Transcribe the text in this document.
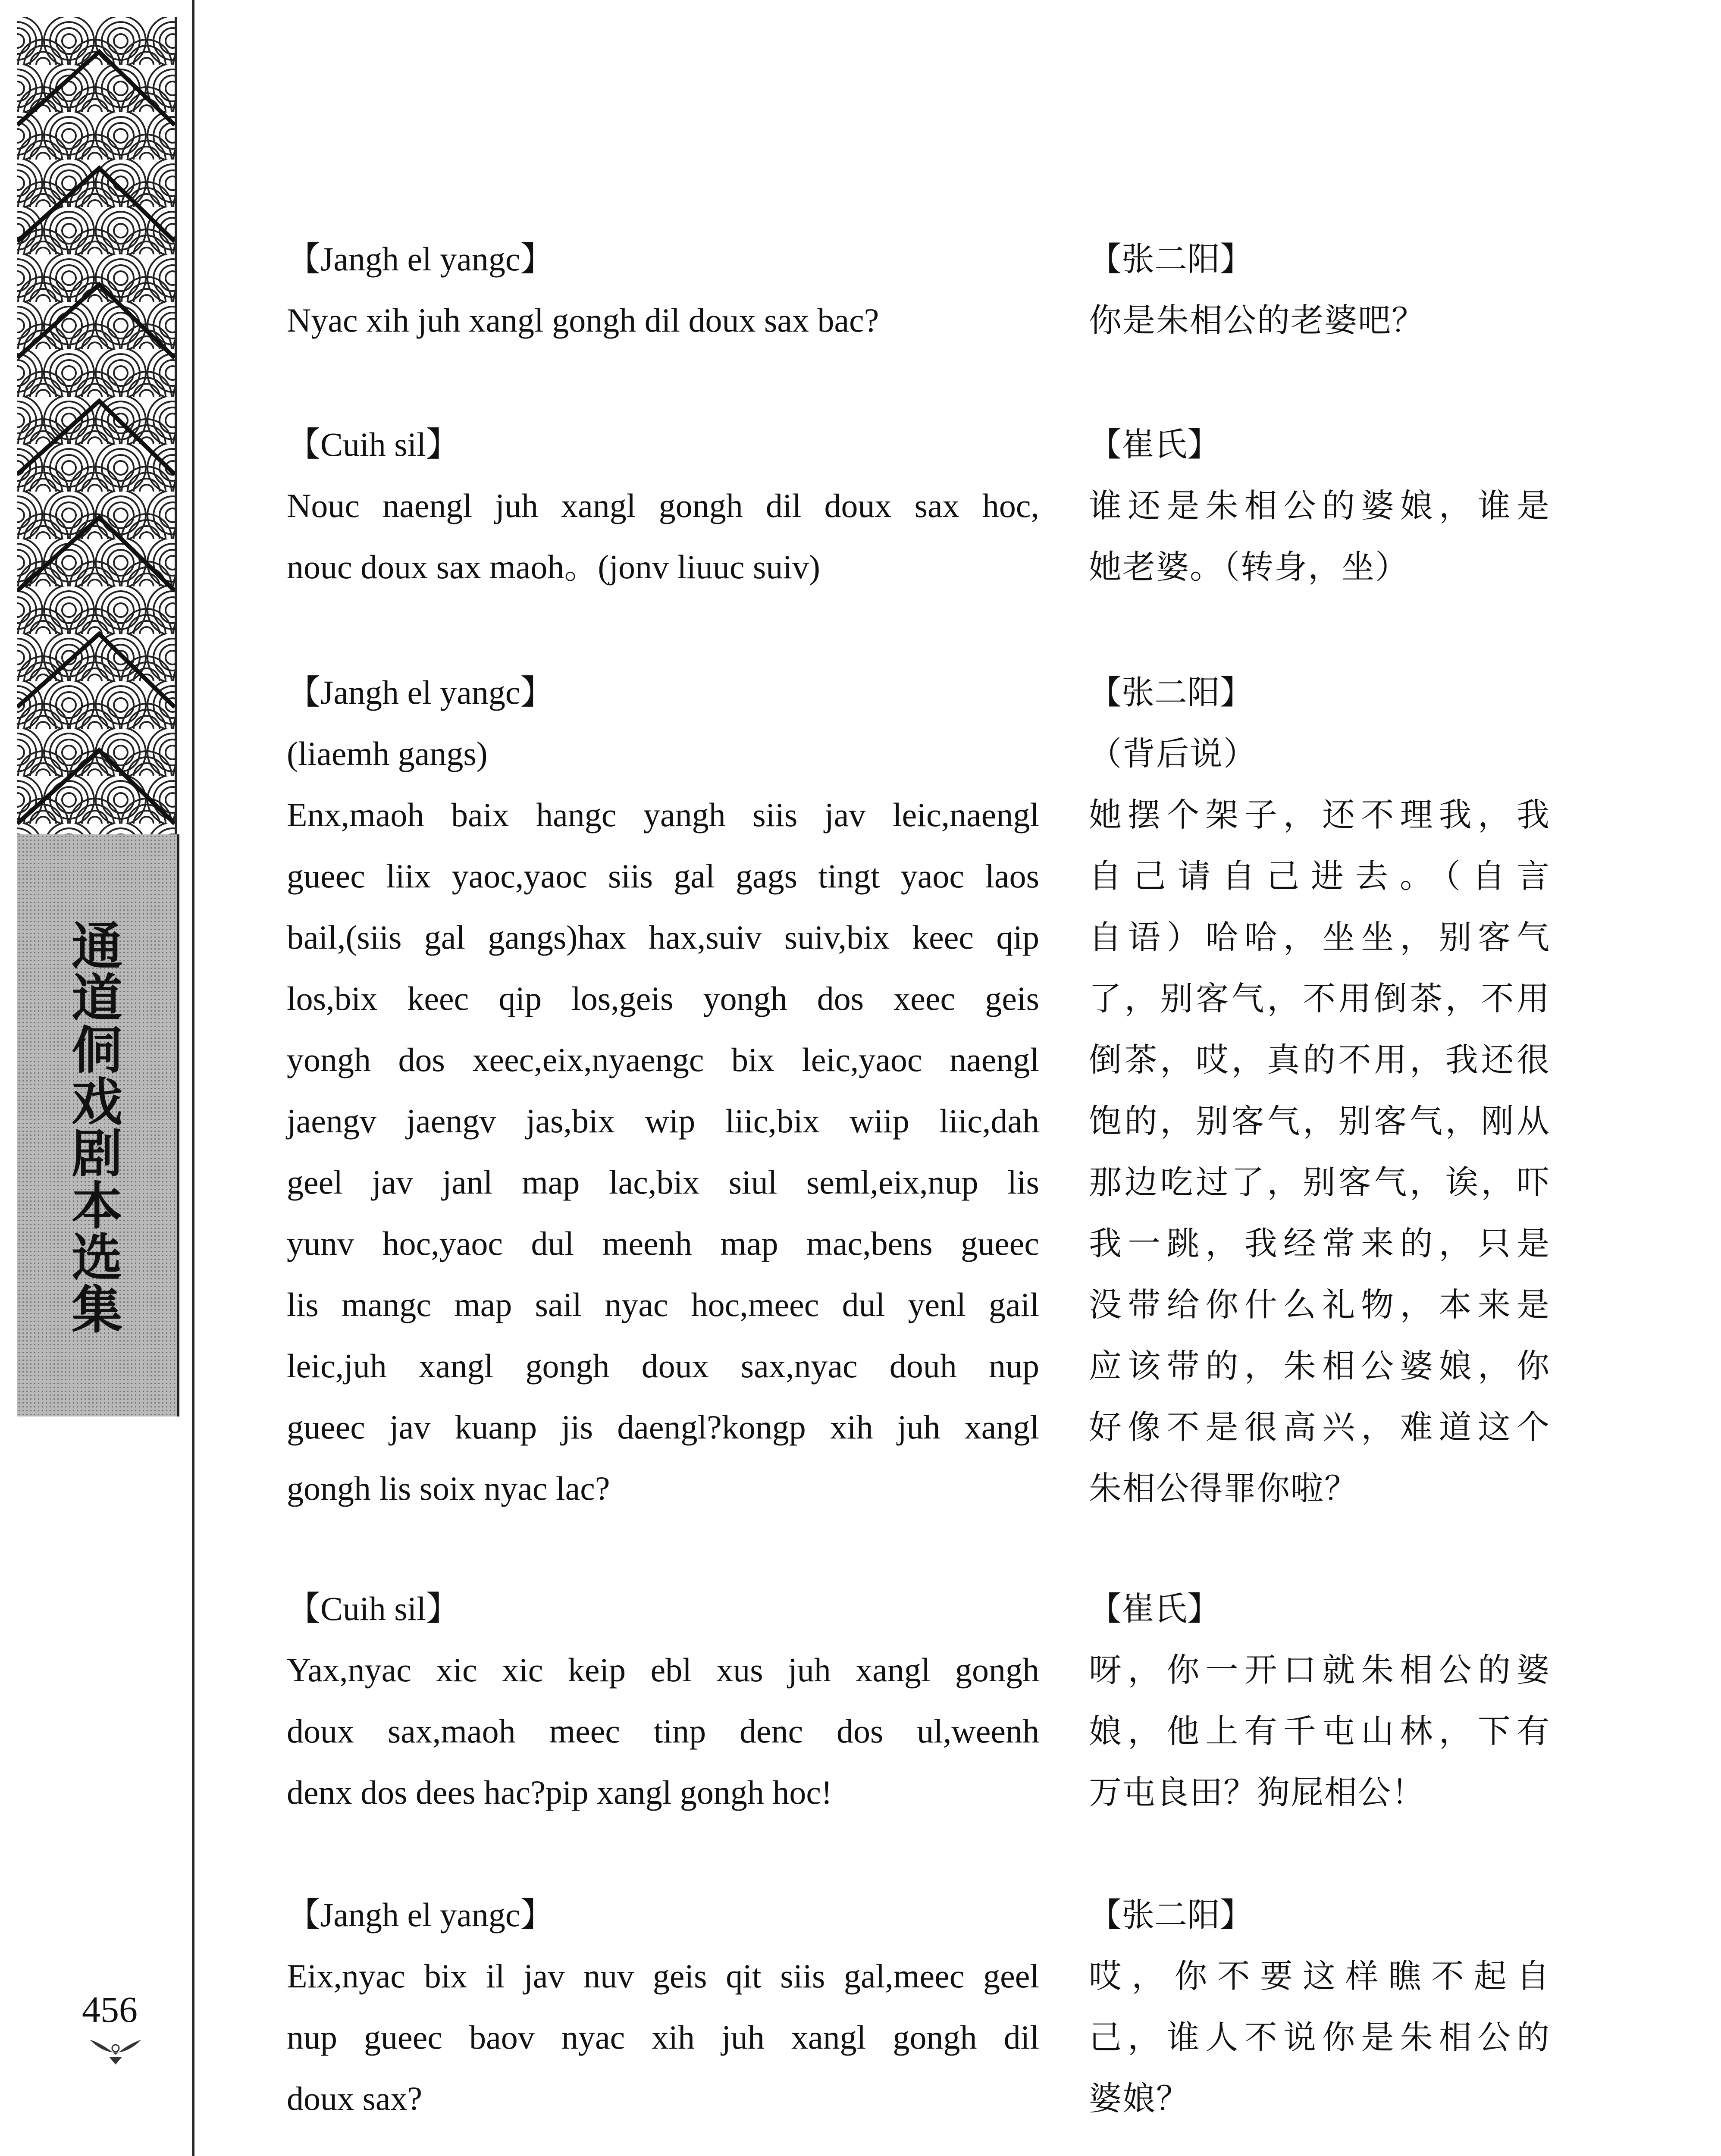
通
道
侗
戏
剧
本
选
集
456
【Jangh el yangc】
Nyac xih juh xangl gongh dil doux sax bac?
【Cuih sil】
Nouc naengl juh xangl gongh dil doux sax hoc,
nouc doux sax maoh。(jonv liuuc suiv)
【Jangh el yangc】
(liaemh gangs)
Enx,maoh baix hangc yangh siis jav leic,naengl
gueec liix yaoc,yaoc siis gal gags tingt yaoc laos
bail,(siis gal gangs)hax hax,suiv suiv,bix keec qip
los,bix keec qip los,geis yongh dos xeec geis
yongh dos xeec,eix,nyaengc bix leic,yaoc naengl
jaengv jaengv jas,bix wip liic,bix wiip liic,dah
geel jav janl map lac,bix siul seml,eix,nup lis
yunv hoc,yaoc dul meenh map mac,bens gueec
lis mangc map sail nyac hoc,meec dul yenl gail
leic,juh xangl gongh doux sax,nyac douh nup
gueec jav kuanp jis daengl?kongp xih juh xangl
gongh lis soix nyac lac?
【Cuih sil】
Yax,nyac xic xic keip ebl xus juh xangl gongh
doux sax,maoh meec tinp denc dos ul,weenh
denx dos dees hac?pip xangl gongh hoc!
【Jangh el yangc】
Eix,nyac bix il jav nuv geis qit siis gal,meec geel
nup gueec baov nyac xih juh xangl gongh dil
doux sax?
【张二阳】
你是朱相公的老婆吧？
【崔氏】
谁还是朱相公的婆娘，谁是
她老婆。（转身，坐）
【张二阳】
（背后说）
她摆个架子，还不理我，我
自己请自己进去。（自言
自语）哈哈，坐坐，别客气
了，别客气，不用倒茶，不用
倒茶，哎，真的不用，我还很
饱的，别客气，别客气，刚从
那边吃过了，别客气，诶，吓
我一跳，我经常来的，只是
没带给你什么礼物，本来是
应该带的，朱相公婆娘，你
好像不是很高兴，难道这个
朱相公得罪你啦？
【崔氏】
呀，你一开口就朱相公的婆
娘，他上有千屯山林，下有
万屯良田？狗屁相公！
【张二阳】
哎，你不要这样瞧不起自
己，谁人不说你是朱相公的
婆娘？
